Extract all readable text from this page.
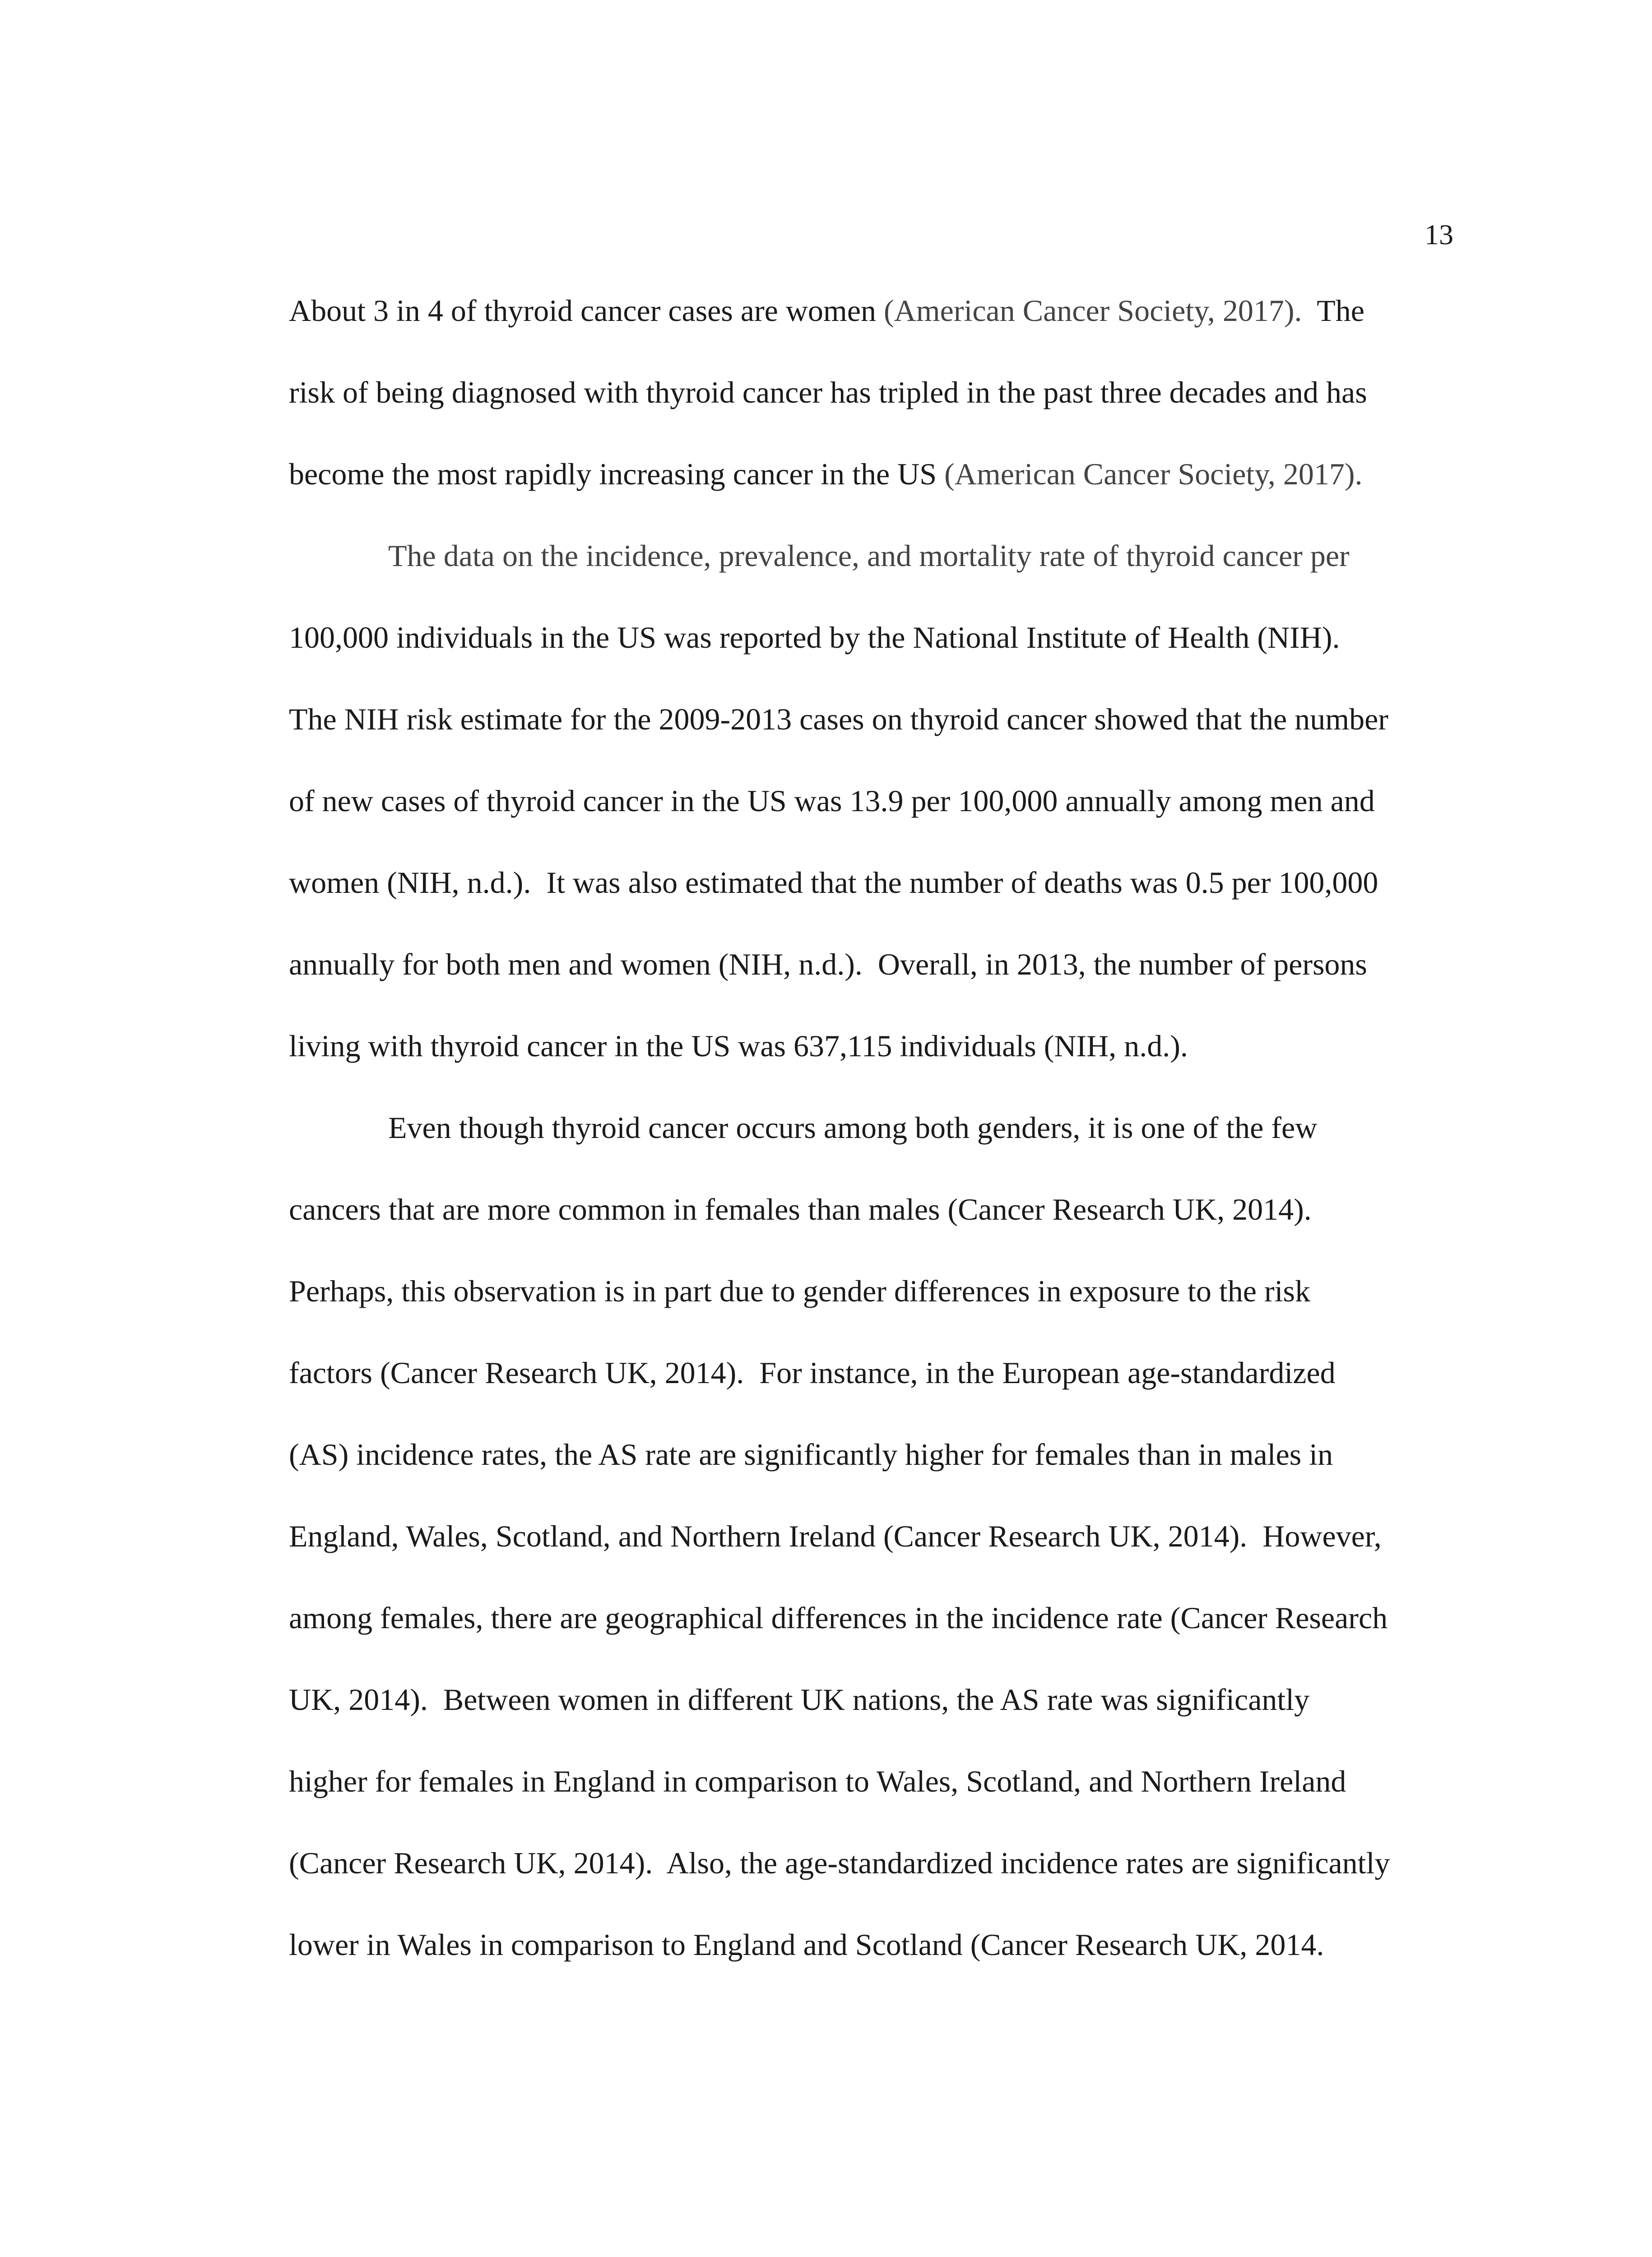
13
About 3 in 4 of thyroid cancer cases are women (American Cancer Society, 2017).  The
risk of being diagnosed with thyroid cancer has tripled in the past three decades and has
become the most rapidly increasing cancer in the US (American Cancer Society, 2017).
The data on the incidence, prevalence, and mortality rate of thyroid cancer per
100,000 individuals in the US was reported by the National Institute of Health (NIH).
The NIH risk estimate for the 2009-2013 cases on thyroid cancer showed that the number
of new cases of thyroid cancer in the US was 13.9 per 100,000 annually among men and
women (NIH, n.d.).  It was also estimated that the number of deaths was 0.5 per 100,000
annually for both men and women (NIH, n.d.).  Overall, in 2013, the number of persons
living with thyroid cancer in the US was 637,115 individuals (NIH, n.d.).
Even though thyroid cancer occurs among both genders, it is one of the few
cancers that are more common in females than males (Cancer Research UK, 2014).
Perhaps, this observation is in part due to gender differences in exposure to the risk
factors (Cancer Research UK, 2014).  For instance, in the European age-standardized
(AS) incidence rates, the AS rate are significantly higher for females than in males in
England, Wales, Scotland, and Northern Ireland (Cancer Research UK, 2014).  However,
among females, there are geographical differences in the incidence rate (Cancer Research
UK, 2014).  Between women in different UK nations, the AS rate was significantly
higher for females in England in comparison to Wales, Scotland, and Northern Ireland
(Cancer Research UK, 2014).  Also, the age-standardized incidence rates are significantly
lower in Wales in comparison to England and Scotland (Cancer Research UK, 2014.
